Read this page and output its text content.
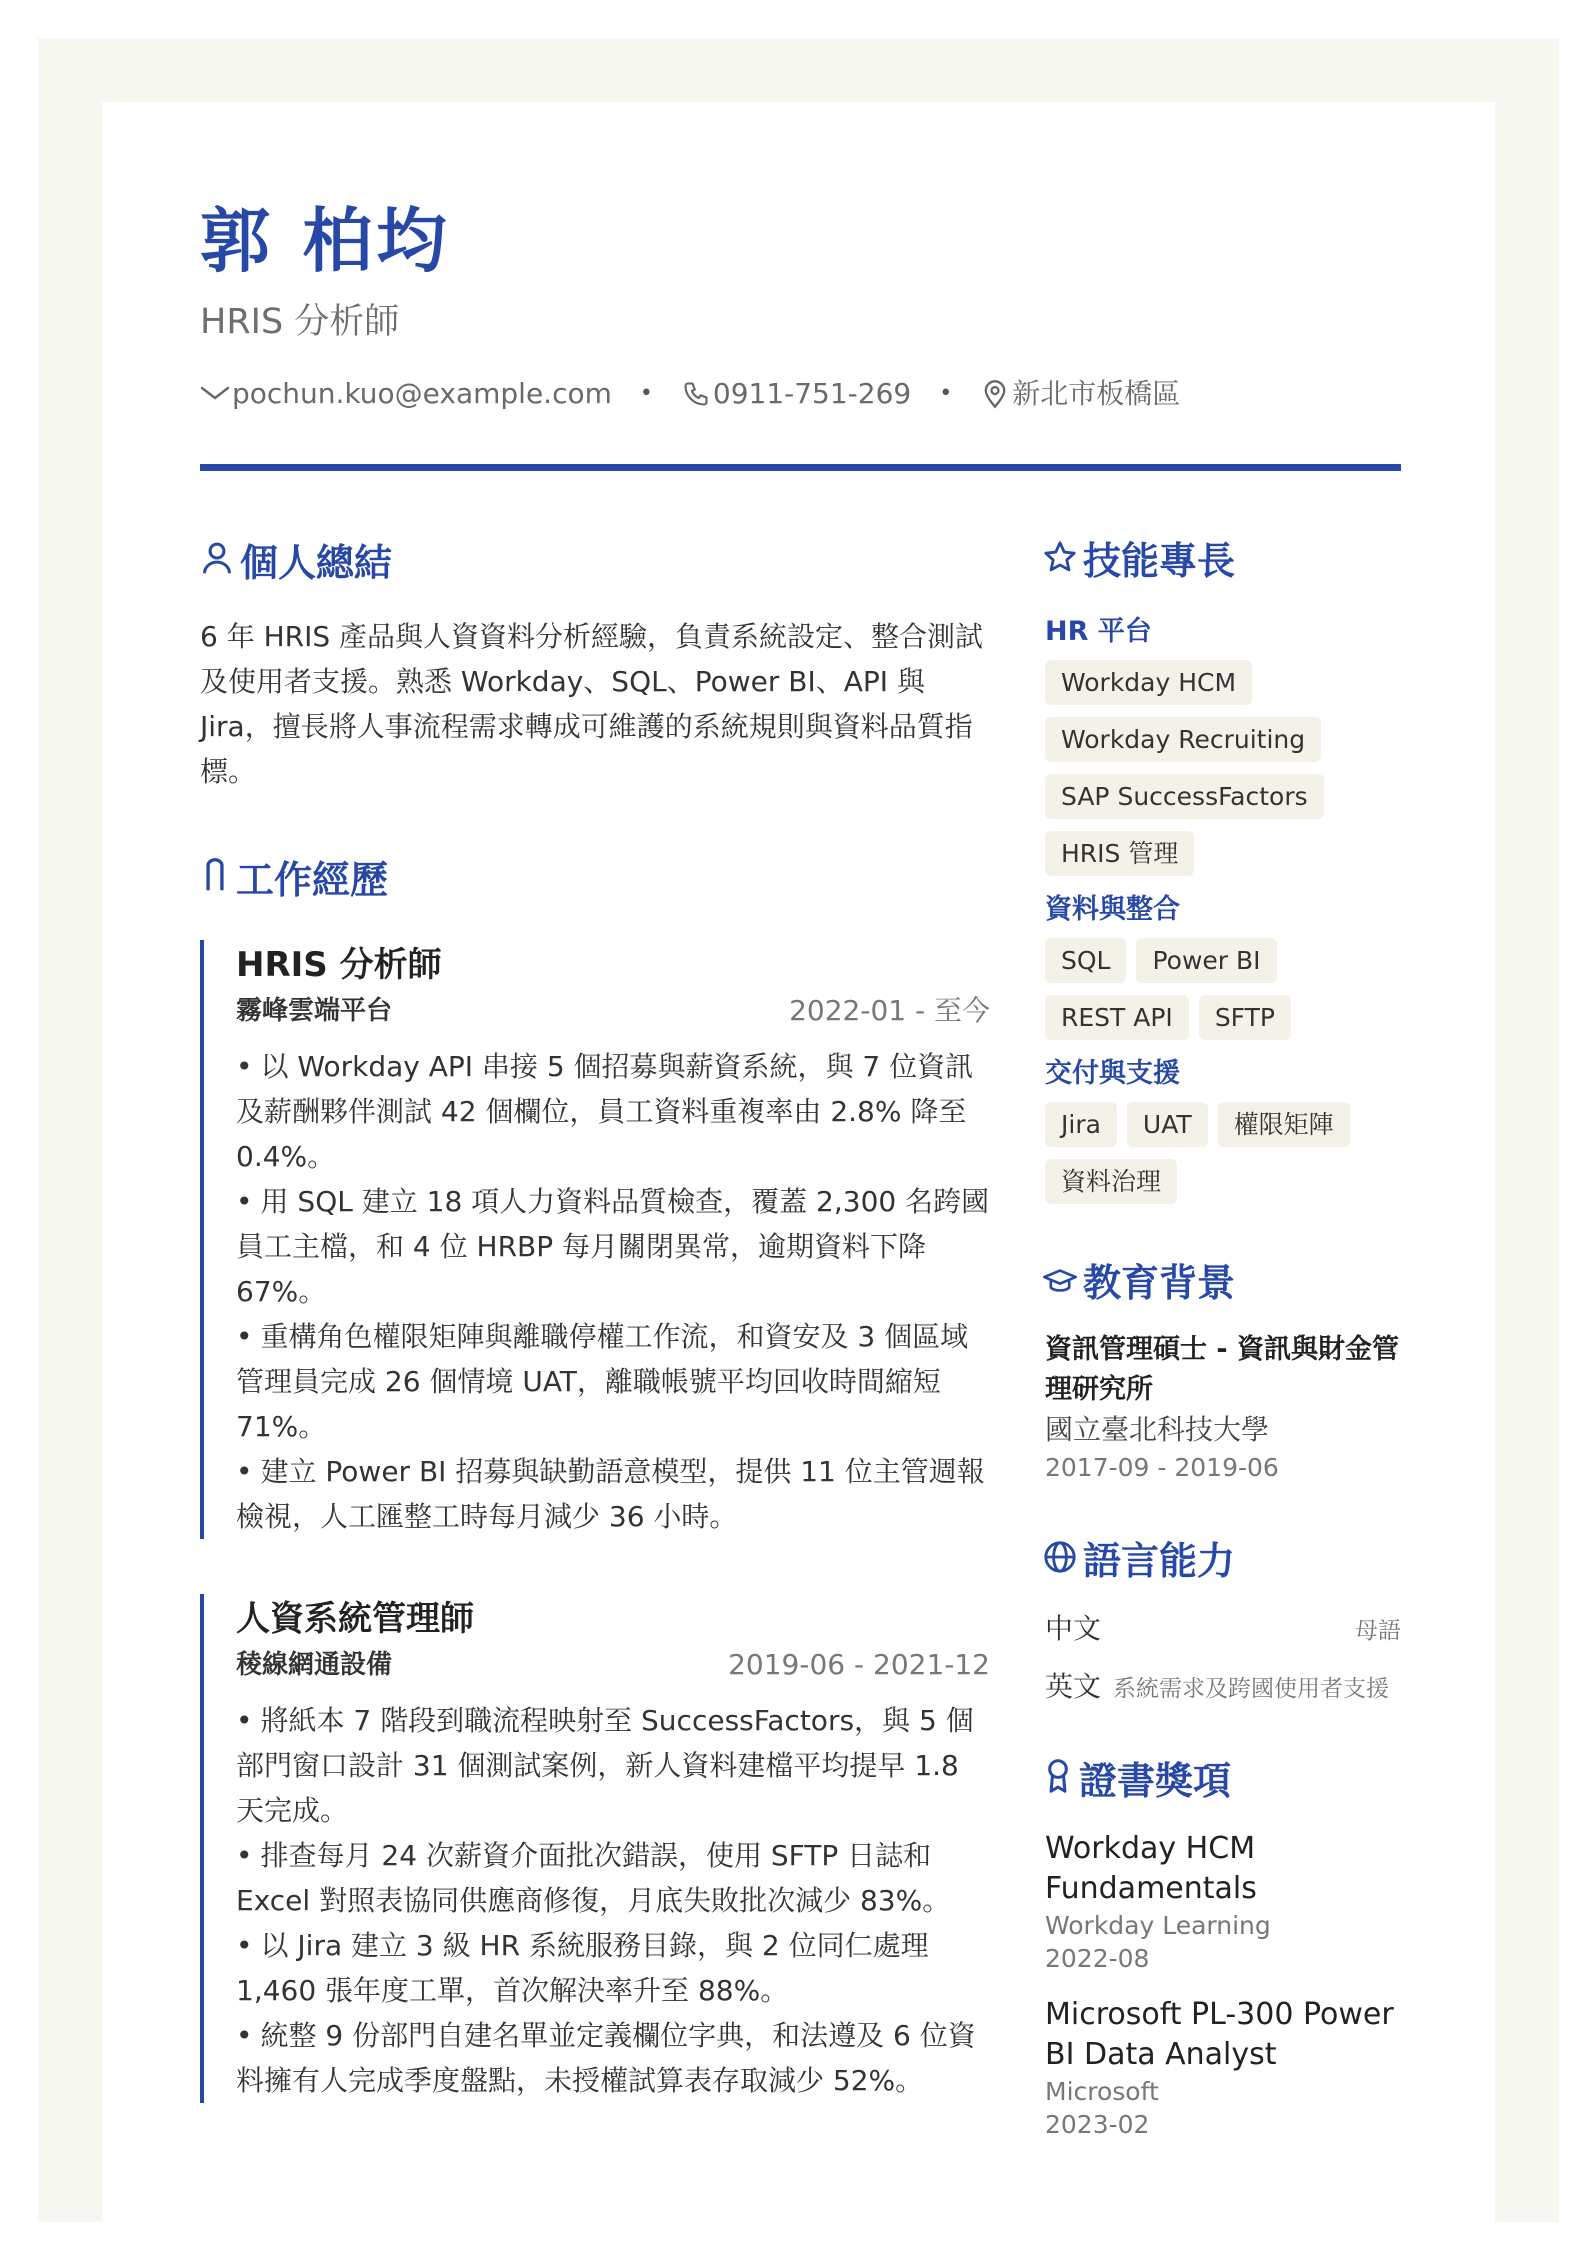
郭 柏均
HRIS 分析師
pochun.kuo@example.com • 0911-751-269 • 新北市板橋區
個人總結
6 年 HRIS 產品與人資資料分析經驗，負責系統設定、整合測試及使用者支援。熟悉 Workday、SQL、Power BI、API 與 Jira，擅長將人事流程需求轉成可維護的系統規則與資料品質指標。
工作經歷
HRIS 分析師
霧峰雲端平台	2022-01 - 至今
• 以 Workday API 串接 5 個招募與薪資系統，與 7 位資訊及薪酬夥伴測試 42 個欄位，員工資料重複率由 2.8% 降至 0.4%。
• 用 SQL 建立 18 項人力資料品質檢查，覆蓋 2,300 名跨國員工主檔，和 4 位 HRBP 每月關閉異常，逾期資料下降 67%。
• 重構角色權限矩陣與離職停權工作流，和資安及 3 個區域管理員完成 26 個情境 UAT，離職帳號平均回收時間縮短 71%。
• 建立 Power BI 招募與缺勤語意模型，提供 11 位主管週報檢視，人工匯整工時每月減少 36 小時。
人資系統管理師
稜線網通設備	2019-06 - 2021-12
• 將紙本 7 階段到職流程映射至 SuccessFactors，與 5 個部門窗口設計 31 個測試案例，新人資料建檔平均提早 1.8 天完成。
• 排查每月 24 次薪資介面批次錯誤，使用 SFTP 日誌和 Excel 對照表協同供應商修復，月底失敗批次減少 83%。
• 以 Jira 建立 3 級 HR 系統服務目錄，與 2 位同仁處理 1,460 張年度工單，首次解決率升至 88%。
• 統整 9 份部門自建名單並定義欄位字典，和法遵及 6 位資料擁有人完成季度盤點，未授權試算表存取減少 52%。
技能專長
HR 平台
Workday HCM
Workday Recruiting
SAP SuccessFactors
HRIS 管理
資料與整合
SQL	Power BI
REST API	SFTP
交付與支援
Jira	UAT	權限矩陣
資料治理
教育背景
資訊管理碩士 - 資訊與財金管理研究所
國立臺北科技大學
2017-09 - 2019-06
語言能力
中文	母語
英文 系統需求及跨國使用者支援
證書獎項
Workday HCM Fundamentals
Workday Learning
2022-08
Microsoft PL-300 Power BI Data Analyst
Microsoft
2023-02
